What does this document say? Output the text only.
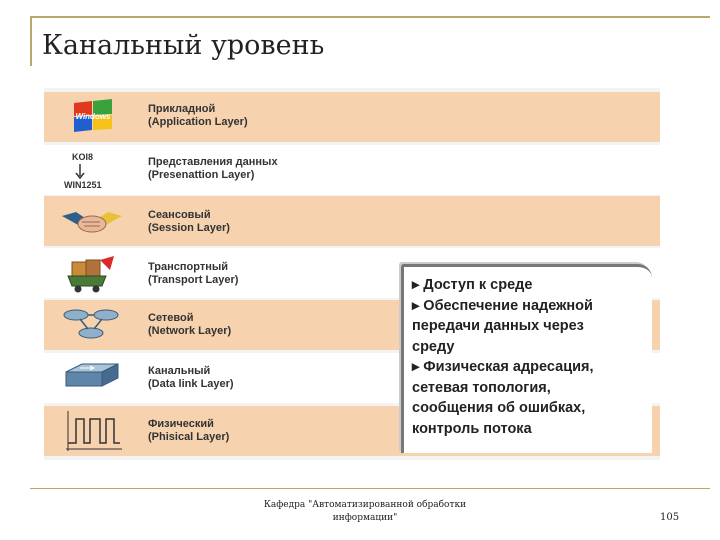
Канальный уровень
Windows
Прикладной
(Application Layer)
KOI8
WIN1251
Представления данных
(Presenattion Layer)
Сеансовый
(Session Layer)
Транспортный
(Transport Layer)
Сетевой
(Network Layer)
Канальный
(Data link Layer)
Физический
(Phisical Layer)
▸ Доступ к среде
▸ Обеспечение надежной
передачи данных через
среду
▸ Физическая адресация,
сетевая топология,
сообщения об ошибках,
контроль потока
Кафедра "Автоматизированной обработки
информации"	105
